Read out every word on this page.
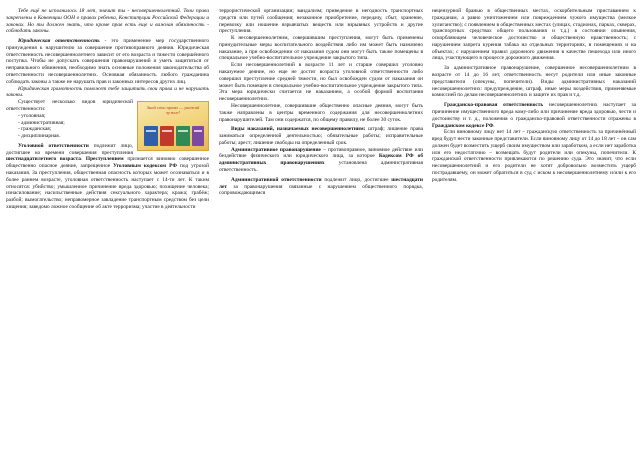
Тебе ещё не исполнилось 18 лет, значит ты - несовершеннолетний. Твои права закреплены в Конвенции ООН о правах ребенка, Конституции Российской Федерации и законах. Но ты должен знать, что кроме прав есть еще и важная обязанность - соблюдать законы.

Юридическая ответственность - это применение мер государственного принуждения к нарушителю за совершение противоправного деяния. Юридическая ответственность несовершеннолетнего зависит от его возраста и тяжести совершённого поступка. Чтобы не допускать совершения правонарушений и уметь защититься от неправильного обвинения, необходимо знать основные положения законодательства об ответственности несовершеннолетних. Основная обязанность любого гражданина соблюдать законы а также не нарушать прав и законных интересов других лиц.

Юридическая грамотность поможет тебе защитить свои права и не нарушать законы.

Знай свои права — уважай чужие!

Существует несколько видов юридической ответственности:

- уголовная;
- административная;
- гражданская;
- дисциплинарная.

Уголовной ответственности подлежит лицо, достигшее ко времени совершения преступления шестнадцатилетнего возраста. Преступлением признается виновно совершенное общественно опасное деяние, запрещенное Уголовным кодексом РФ под угрозой наказания. За преступления, общественная опасность которых может осознаваться и в более раннем возрасте, уголовная ответственность наступает с 14-ти лет. К таким относятся: убийство; умышленное причинение вреда здоровью; похищение человека; изнасилование; насильственные действия сексуального характера; кража; грабёж; разбой; вымогательство; неправомерное завладение транспортным средством без цели хищения; заведомо ложное сообщение об акте терроризма; участие в деятельности

террористической организации; вандализм; приведение в негодность транспортных средств или путей сообщения; незаконное приобретение, передачу, сбыт, хранение, перевозку или ношение взрывчатых веществ или взрывных устройств и другие преступления.

К несовершеннолетним, совершившим преступления, могут быть применены принудительные меры воспитательного воздействия либо им может быть назначено наказание, а при освобождении от наказания судом они могут быть также помещены в специальное учебно-воспитательное учреждение закрытого типа.

Если несовершеннолетний в возрасте 11 лет и старше совершил уголовно наказуемое деяние, но еще не достиг возраста уголовной ответственности либо совершил преступление средней тяжести, но был освобожден судом от наказания он может быть помещен в специальное учебно-воспитательное учреждение закрытого типа. Эта мера юридически считается не наказанием, а особой формой воспитания несовершеннолетних.

Несовершеннолетние, совершившие общественно опасные деяния, могут быть также направлены в центры временного содержания для несовершеннолетних правонарушителей. Там они содержатся, по общему правилу, не более 30 суток.

Виды наказаний, назначаемых несовершеннолетним: штраф; лишение права заниматься определенной деятельностью; обязательные работы; исправительные работы; арест; лишение свободы на определенный срок.

Административное правонарушение – противоправное, виновное действие или бездействие физического или юридического лица, за которое Кодексом РФ об административных правонарушениях установлена административная ответственность.

Административной ответственности подлежит лицо, достигшее шестнадцати лет за правонарушения связанные с нарушением общественного порядка, сопровождающимся

нецензурной бранью в общественных местах, оскорбительным приставанием к гражданам, а равно уничтожением или повреждением чужого имущества (мелкое хулиганство); с появлением в общественных местах (улицах, стадионах, парках, скверах, транспортных средствах общего пользования и т.д.) в состоянии опьянения, оскорбляющем человеческое достоинство и общественную нравственность; с нарушением запрета курения табака на отдельных территориях, в помещениях и на объектах; с нарушением правил дорожного движения в качестве пешехода или иного лица, участвующего в процессе дорожного движения.

За административное правонарушение, совершенное несовершеннолетним в возрасте от 14 до 16 лет, ответственность несут родители или иные законные представители (опекуны, попечители). Виды административных наказаний несовершеннолетних: предупреждение, штраф, иные меры воздействия, применяемые комиссией по делам несовершеннолетних и защите их прав и т.д.

Гражданско-правовая ответственность несовершеннолетних наступает за причинение имущественного вреда кому-либо или причинение вреда здоровью, чести и достоинству и т. д., положения о гражданско-правовой ответственности отражены в Гражданском кодексе РФ.

Если виновному лицу нет 14 лет – гражданскую ответственность за причинённый вред будут нести законные представители. Если виновному лицу от 14 до 18 лет – он сам должен будет возместить ущерб своим имуществом или заработком, а если нет заработка или его недостаточно – возмещать будут родители или опекуны, попечители. К гражданской ответственности привлекаются по решению суда. Это значит, что если несовершеннолетний и его родители не хотят добровольно возместить ущерб пострадавшему, он может обратиться в суд с иском к несовершеннолетнему и/или к его родителям.
